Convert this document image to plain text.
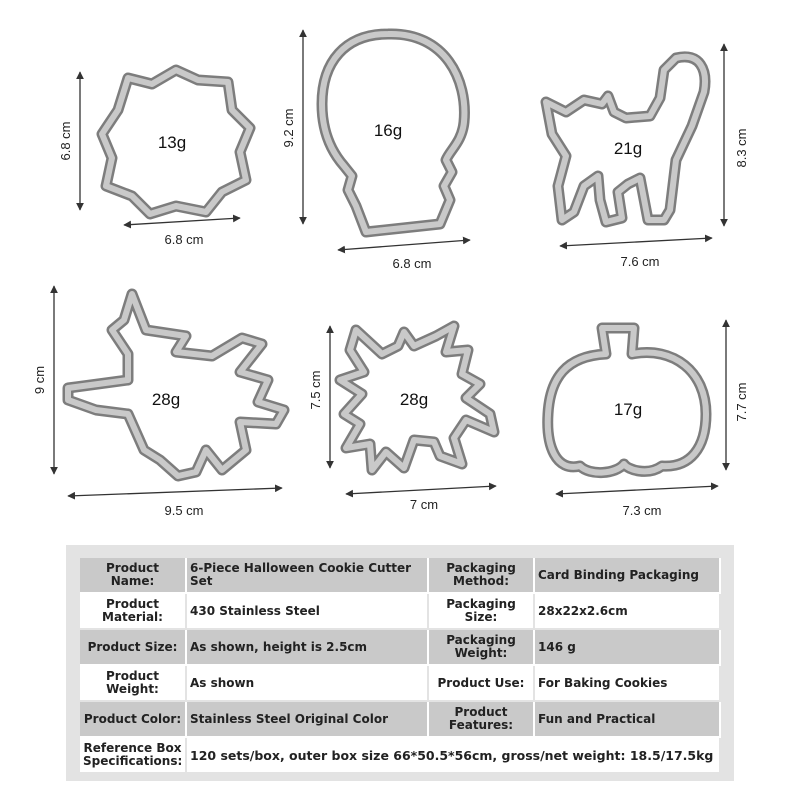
13g
6.8 cm
6.8 cm
16g
9.2 cm
6.8 cm
21g	8.3 cm
7.6 cm
28g
9 cm
9.5 cm
28g
7.5 cm
7 cm
17g	7.7 cm
7.3 cm
Product Name:	6-Piece Halloween Cookie Cutter Set	Packaging Method:	Card Binding Packaging
Product Material:	430 Stainless Steel	Packaging Size:	28x22x2.6cm
Product Size:	As shown, height is 2.5cm	Packaging Weight:	146 g
Product Weight:	As shown	Product Use:	For Baking Cookies
Product Color:	Stainless Steel Original Color	Product Features:	Fun and Practical
Reference Box Specifications:	120 sets/box, outer box size 66*50.5*56cm, gross/net weight: 18.5/17.5kg		
